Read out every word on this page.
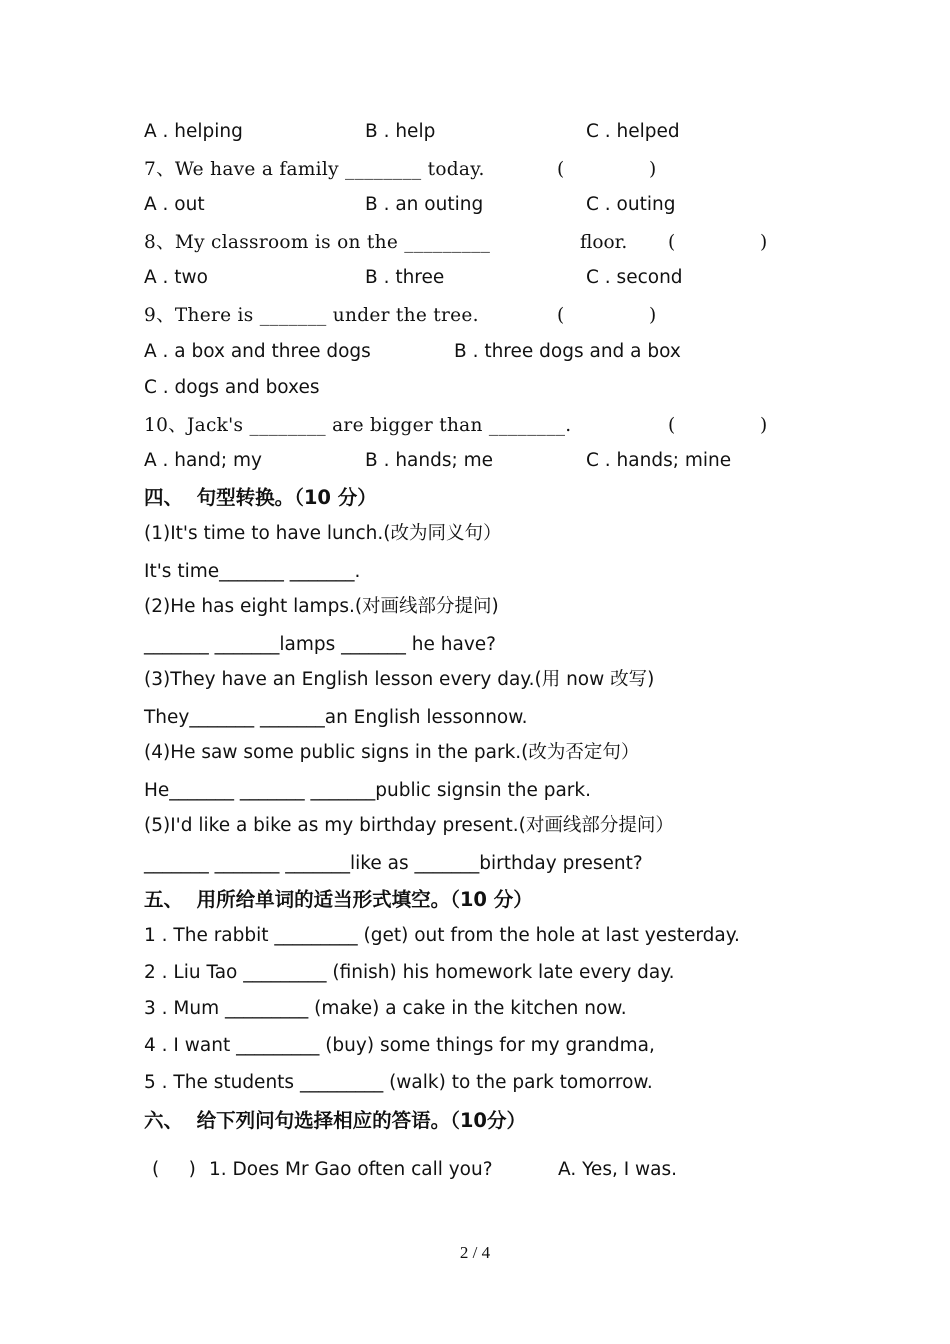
A . helping	B . help	C . helped
7、We have a family ________ today.	(	)
A . out	B . an outing	C . outing
8、My classroom is on the _________	floor. (	)
A . two	B . three	C . second
9、There is _______ under the tree.	(	)
A . a box and three dogs	B . three dogs and a box
C . dogs and boxes
10、Jack's ________ are bigger than ________.	(	)
A . hand; my	B . hands; me	C . hands; mine
四、  句型转换。（10 分）
(1)It's time to have lunch.(改为同义句）
It's time_______ _______.
(2)He has eight lamps.(对画线部分提问)
_______ _______lamps _______ he have?
(3)They have an English lesson every day.(用 now 改写)
They_______ _______an English lessonnow.
(4)He saw some public signs in the park.(改为否定句）
He_______ _______ _______public signsin the park.
(5)I'd like a bike as my birthday present.(对画线部分提问）
_______ _______ _______like as _______birthday present?
五、  用所给单词的适当形式填空。（10 分）
1 . The rabbit _________ (get) out from the hole at last yesterday.
2 . Liu Tao _________ (finish) his homework late every day.
3 . Mum _________ (make) a cake in the kitchen now.
4 . I want _________ (buy) some things for my grandma,
5 . The students _________ (walk) to the park tomorrow.
六、  给下列问句选择相应的答语。（10分）
(     ) 1. Does Mr Gao often call you?	A. Yes, I was.
2 / 4
